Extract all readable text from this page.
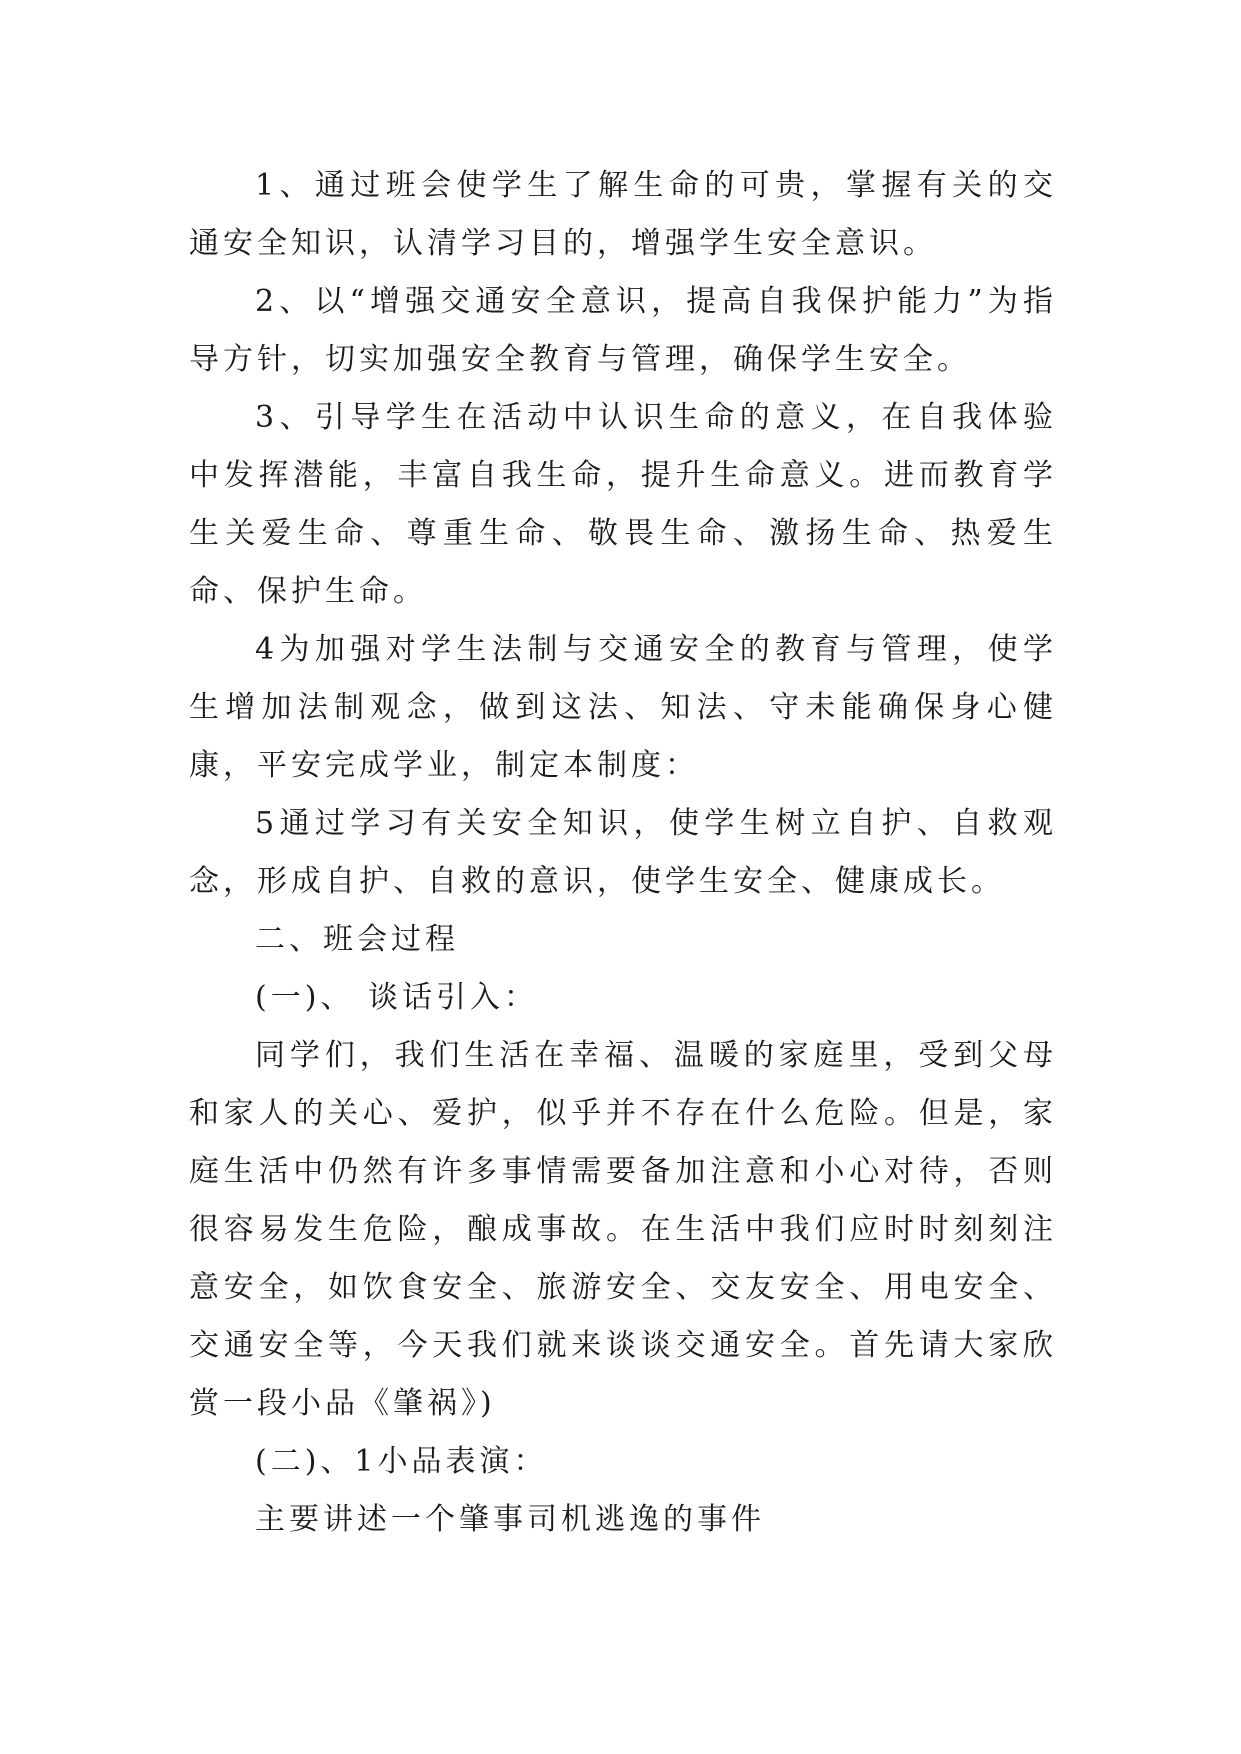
1、通过班会使学生了解生命的可贵，掌握有关的交通安全知识，认清学习目的，增强学生安全意识。

2、以“增强交通安全意识，提高自我保护能力”为指导方针，切实加强安全教育与管理，确保学生安全。

3、引导学生在活动中认识生命的意义，在自我体验中发挥潜能，丰富自我生命，提升生命意义。进而教育学生关爱生命、尊重生命、敬畏生命、激扬生命、热爱生命、保护生命。

4为加强对学生法制与交通安全的教育与管理，使学生增加法制观念，做到这法、知法、守未能确保身心健康，平安完成学业，制定本制度：

5通过学习有关安全知识，使学生树立自护、自救观念，形成自护、自救的意识，使学生安全、健康成长。

二、班会过程

(一)、 谈话引入：

同学们，我们生活在幸福、温暖的家庭里，受到父母和家人的关心、爱护，似乎并不存在什么危险。但是，家庭生活中仍然有许多事情需要备加注意和小心对待，否则很容易发生危险，酿成事故。在生活中我们应时时刻刻注意安全，如饮食安全、旅游安全、交友安全、用电安全、交通安全等，今天我们就来谈谈交通安全。首先请大家欣赏一段小品《肇祸》)

(二)、1小品表演：

主要讲述一个肇事司机逃逸的事件
